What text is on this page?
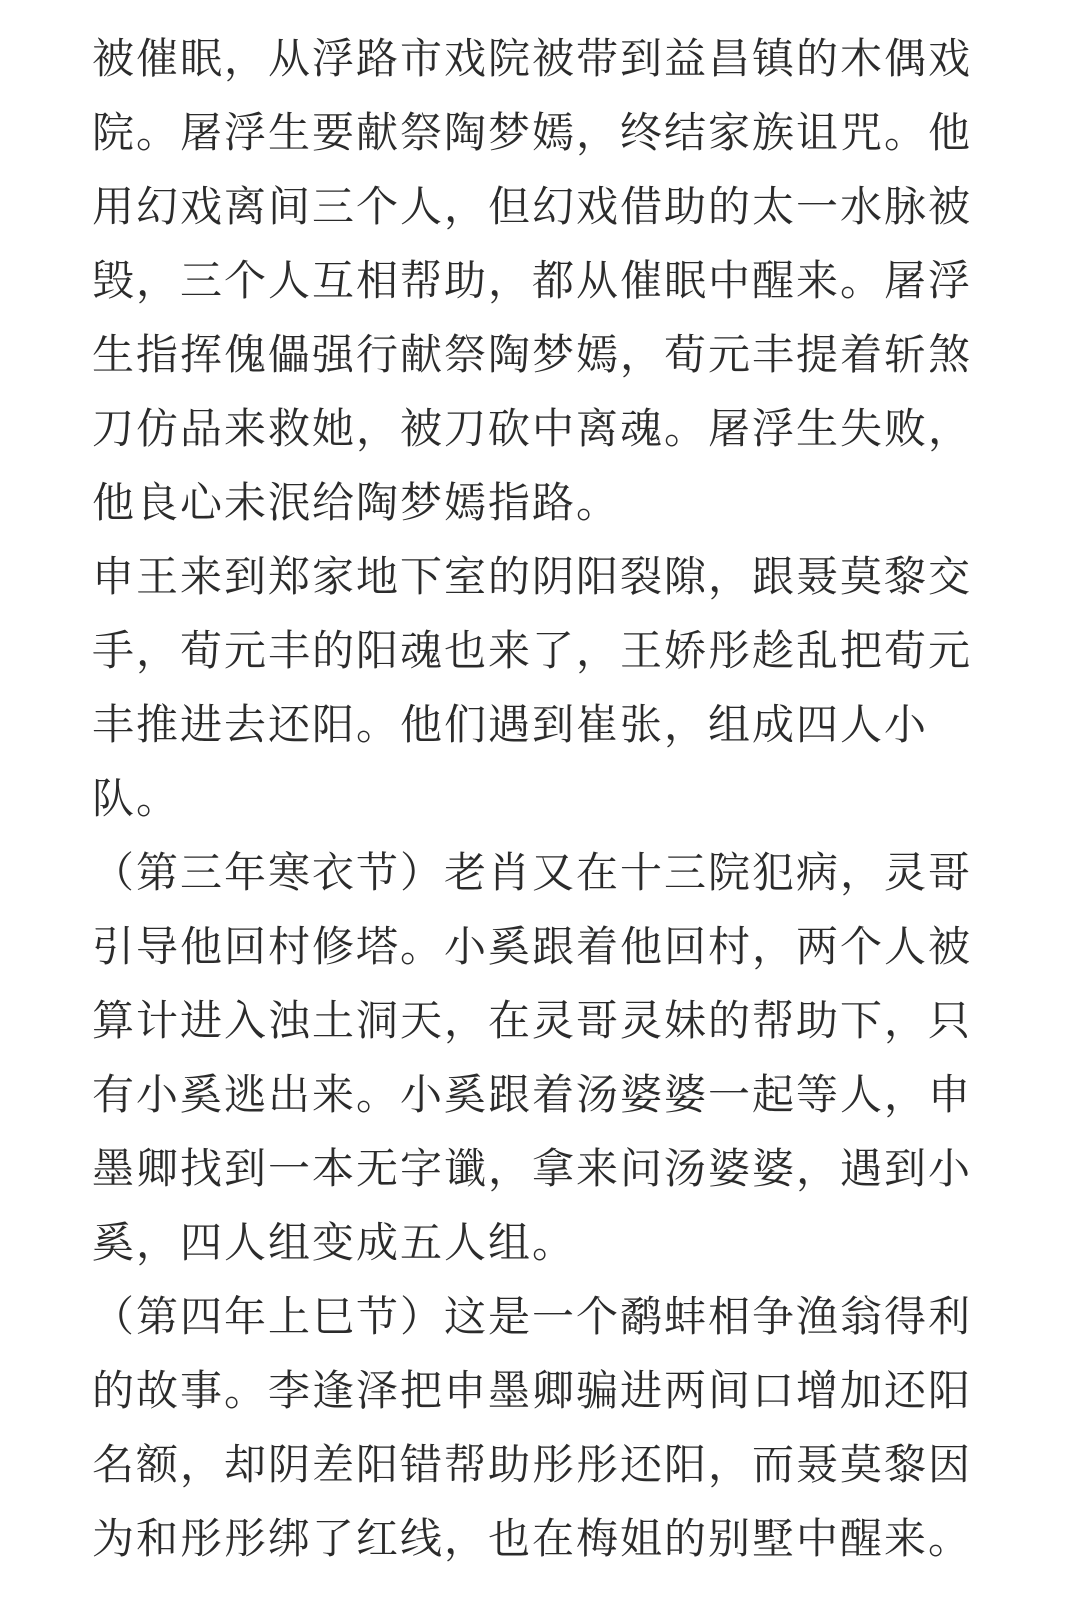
被催眠，从浮路市戏院被带到益昌镇的木偶戏
院。屠浮生要献祭陶梦嫣，终结家族诅咒。他
用幻戏离间三个人，但幻戏借助的太一水脉被
毁，三个人互相帮助，都从催眠中醒来。屠浮
生指挥傀儡强行献祭陶梦嫣，荀元丰提着斩煞
刀仿品来救她，被刀砍中离魂。屠浮生失败，
他良心未泯给陶梦嫣指路。
申王来到郑家地下室的阴阳裂隙，跟聂莫黎交
手，荀元丰的阳魂也来了，王娇彤趁乱把荀元
丰推进去还阳。他们遇到崔张，组成四人小
队。
（第三年寒衣节）老肖又在十三院犯病，灵哥
引导他回村修塔。小奚跟着他回村，两个人被
算计进入浊土洞天，在灵哥灵妹的帮助下，只
有小奚逃出来。小奚跟着汤婆婆一起等人，申
墨卿找到一本无字谶，拿来问汤婆婆，遇到小
奚，四人组变成五人组。
（第四年上巳节）这是一个鹬蚌相争渔翁得利
的故事。李逢泽把申墨卿骗进两间口增加还阳
名额，却阴差阳错帮助彤彤还阳，而聂莫黎因
为和彤彤绑了红线，也在梅姐的别墅中醒来。
